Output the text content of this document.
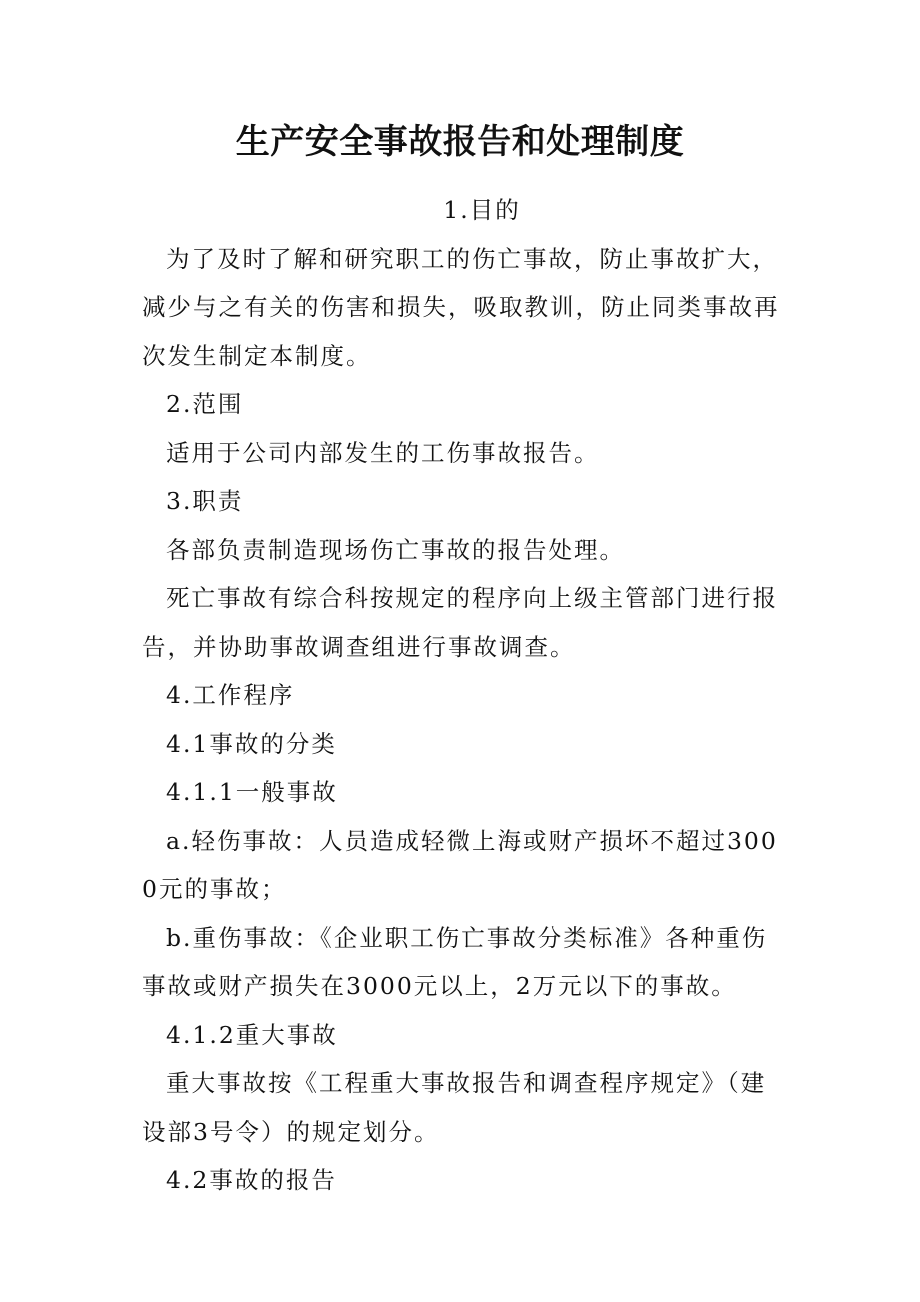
生产安全事故报告和处理制度

1.目的

为了及时了解和研究职工的伤亡事故，防止事故扩大，减少与之有关的伤害和损失，吸取教训，防止同类事故再次发生制定本制度。

2.范围

适用于公司内部发生的工伤事故报告。

3.职责

各部负责制造现场伤亡事故的报告处理。

死亡事故有综合科按规定的程序向上级主管部门进行报告，并协助事故调查组进行事故调查。

4.工作程序

4.1事故的分类

4.1.1一般事故

a.轻伤事故：人员造成轻微上海或财产损坏不超过3000元的事故；

b.重伤事故：《企业职工伤亡事故分类标准》各种重伤事故或财产损失在3000元以上，2万元以下的事故。

4.1.2重大事故

重大事故按《工程重大事故报告和调查程序规定》（建设部3号令）的规定划分。

4.2事故的报告
